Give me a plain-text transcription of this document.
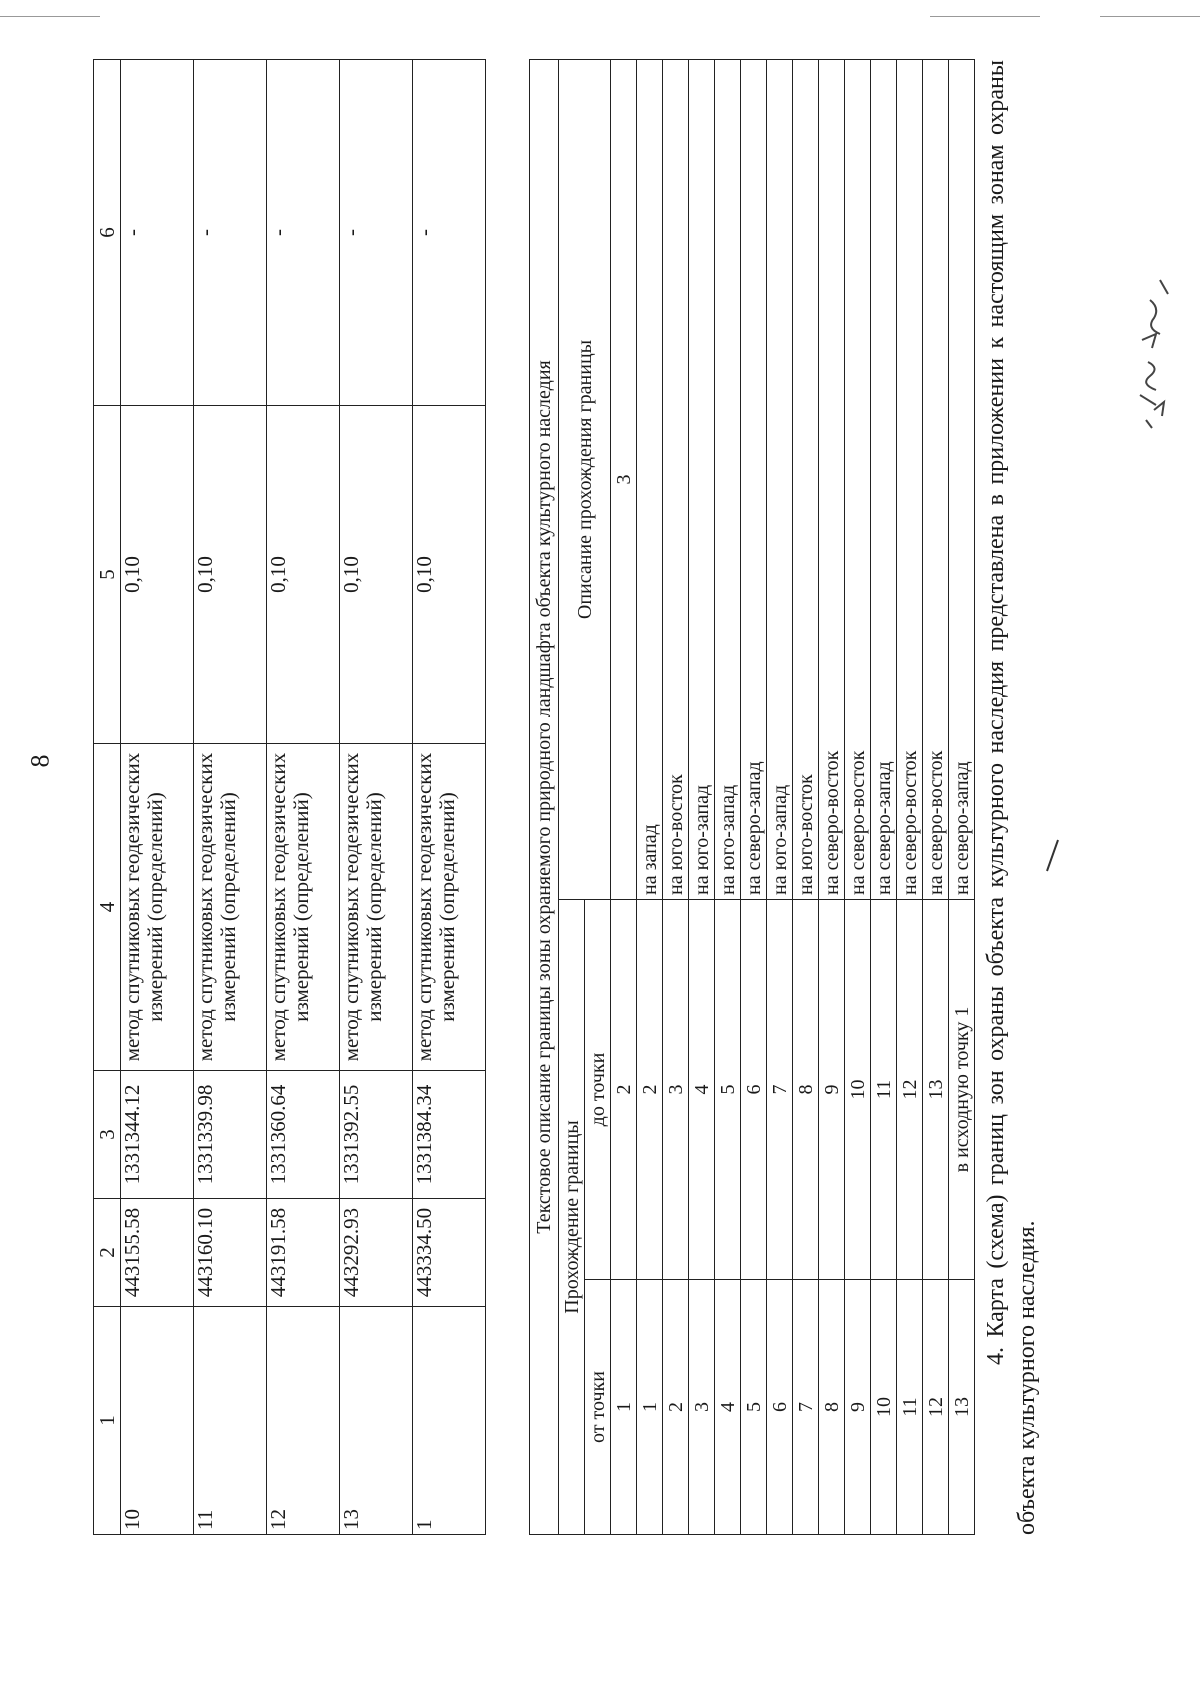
8
1	2	3	4	5	6
10	443155.58	1331344.12	метод спутниковых геодезических измерений (определений)	0,10	-
11	443160.10	1331339.98	метод спутниковых геодезических измерений (определений)	0,10	-
12	443191.58	1331360.64	метод спутниковых геодезических измерений (определений)	0,10	-
13	443292.93	1331392.55	метод спутниковых геодезических измерений (определений)	0,10	-
1	443334.50	1331384.34	метод спутниковых геодезических измерений (определений)	0,10	-
Текстовое описание границы зоны охраняемого природного ландшафта объекта культурного наследия		
Прохождение границы		Описание прохождения границы
от точки	до точки	
1	2	3
1	2	на запад
2	3	на юго-восток
3	4	на юго-запад
4	5	на юго-запад
5	6	на северо-запад
6	7	на юго-запад
7	8	на юго-восток
8	9	на северо-восток
9	10	на северо-восток
10	11	на северо-запад
11	12	на северо-восток
12	13	на северо-восток
13	в исходную точку 1	на северо-запад 4. Карта (схема) границ зон охраны объекта культурного наследия представлена в приложении к настоящим зонам охраны объекта культурного наследия.
